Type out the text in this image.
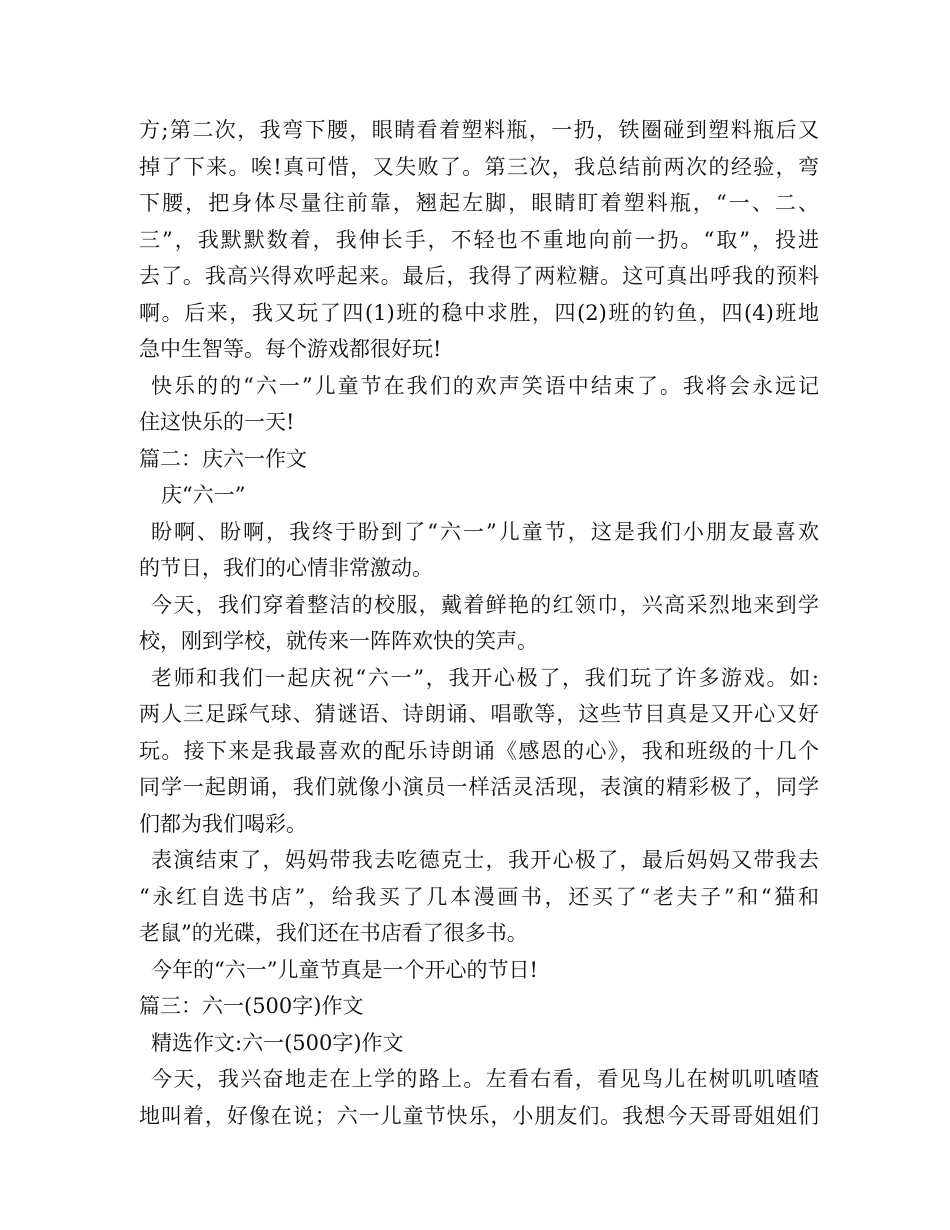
方;第二次，我弯下腰，眼睛看着塑料瓶，一扔，铁圈碰到塑料瓶后又
掉了下来。唉!真可惜，又失败了。第三次，我总结前两次的经验，弯
下腰，把身体尽量往前靠，翘起左脚，眼睛盯着塑料瓶，“一、二、
三”，我默默数着，我伸长手，不轻也不重地向前一扔。“取”，投进
去了。我高兴得欢呼起来。最后，我得了两粒糖。这可真出呼我的预料
啊。后来，我又玩了四(1)班的稳中求胜，四(2)班的钓鱼，四(4)班地
急中生智等。每个游戏都很好玩!
快乐的的“六一”儿童节在我们的欢声笑语中结束了。我将会永远记
住这快乐的一天!
篇二：庆六一作文
庆“六一”
盼啊、盼啊，我终于盼到了“六一”儿童节，这是我们小朋友最喜欢
的节日，我们的心情非常激动。
今天，我们穿着整洁的校服，戴着鲜艳的红领巾，兴高采烈地来到学
校，刚到学校，就传来一阵阵欢快的笑声。
老师和我们一起庆祝“六一”，我开心极了，我们玩了许多游戏。如:
两人三足踩气球、猜谜语、诗朗诵、唱歌等，这些节目真是又开心又好
玩。接下来是我最喜欢的配乐诗朗诵《感恩的心》，我和班级的十几个
同学一起朗诵，我们就像小演员一样活灵活现，表演的精彩极了，同学
们都为我们喝彩。
表演结束了，妈妈带我去吃德克士，我开心极了，最后妈妈又带我去
“永红自选书店”，给我买了几本漫画书，还买了“老夫子”和“猫和
老鼠”的光碟，我们还在书店看了很多书。
今年的“六一”儿童节真是一个开心的节日!
篇三：六一(500字)作文
精选作文:六一(500字)作文
今天，我兴奋地走在上学的路上。左看右看，看见鸟儿在树叽叽喳喳
地叫着，好像在说；六一儿童节快乐，小朋友们。我想今天哥哥姐姐们
